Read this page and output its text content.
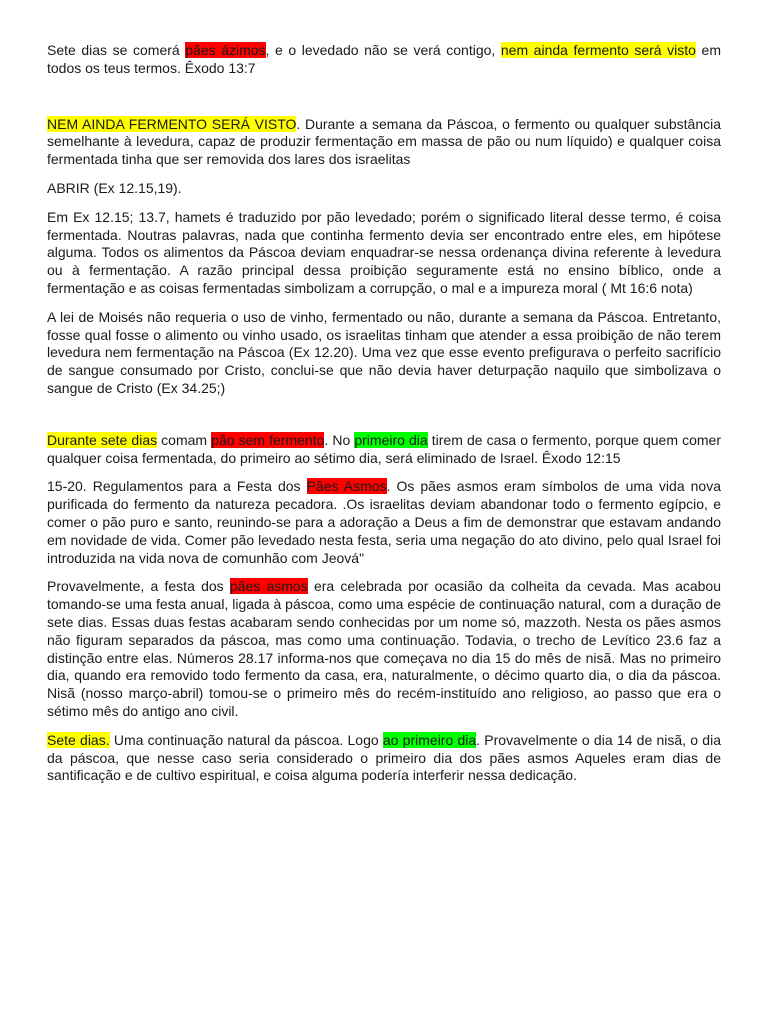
Sete dias se comerá pães ázimos, e o levedado não se verá contigo, nem ainda fermento será visto em todos os teus termos. Êxodo 13:7

NEM AINDA FERMENTO SERÁ VISTO. Durante a semana da Páscoa, o fermento ou qualquer substância semelhante à levedura, capaz de produzir fermentação em massa de pão ou num líquido) e qualquer coisa fermentada tinha que ser removida dos lares dos israelitas

ABRIR (Ex 12.15,19).

Em Ex 12.15; 13.7, hamets é traduzido por pão levedado; porém o significado literal desse termo, é coisa fermentada. Noutras palavras, nada que continha fermento devia ser encontrado entre eles, em hipótese alguma. Todos os alimentos da Páscoa deviam enquadrar-se nessa ordenança divina referente à levedura ou à fermentação. A razão principal dessa proibição seguramente está no ensino bíblico, onde a fermentação e as coisas fermentadas simbolizam a corrupção, o mal e a impureza moral ( Mt 16:6 nota)

A lei de Moisés não requeria o uso de vinho, fermentado ou não, durante a semana da Páscoa. Entretanto, fosse qual fosse o alimento ou vinho usado, os israelitas tinham que atender a essa proibição de não terem levedura nem fermentação na Páscoa (Ex 12.20). Uma vez que esse evento prefigurava o perfeito sacrifício de sangue consumado por Cristo, conclui-se que não devia haver deturpação naquilo que simbolizava o sangue de Cristo (Ex 34.25;)

Durante sete dias comam pão sem fermento. No primeiro dia tirem de casa o fermento, porque quem comer qualquer coisa fermentada, do primeiro ao sétimo dia, será eliminado de Israel. Êxodo 12:15

15-20. Regulamentos para a Festa dos Pães Asmos. Os pães asmos eram símbolos de uma vida nova purificada do fermento da natureza pecadora. .Os israelitas deviam abandonar todo o fermento egípcio, e comer o pão puro e santo, reunindo-se para a adoração a Deus a fim de demonstrar que estavam andando em novidade de vida. Comer pão levedado nesta festa, seria uma negação do ato divino, pelo qual Israel foi introduzida na vida nova de comunhão com Jeová"

Provavelmente, a festa dos pães asmos era celebrada por ocasião da colheita da cevada. Mas acabou tomando-se uma festa anual, ligada à páscoa, como uma espécie de continuação natural, com a duração de sete dias. Essas duas festas acabaram sendo conhecidas por um nome só, mazzoth. Nesta os pães asmos não figuram separados da páscoa, mas como uma continuação. Todavia, o trecho de Levítico 23.6 faz a distinção entre elas. Números 28.17 informa-nos que começava no dia 15 do mês de nisã. Mas no primeiro dia, quando era removido todo fermento da casa, era, naturalmente, o décimo quarto dia, o dia da páscoa. Nisã (nosso março-abril) tomou-se o primeiro mês do recém-instituído ano religioso, ao passo que era o sétimo mês do antigo ano civil.

Sete dias. Uma continuação natural da páscoa. Logo ao primeiro dia. Provavelmente o dia 14 de nisã, o dia da páscoa, que nesse caso seria considerado o primeiro dia dos pães asmos Aqueles eram dias de santificação e de cultivo espiritual, e coisa alguma podería interferir nessa dedicação.
